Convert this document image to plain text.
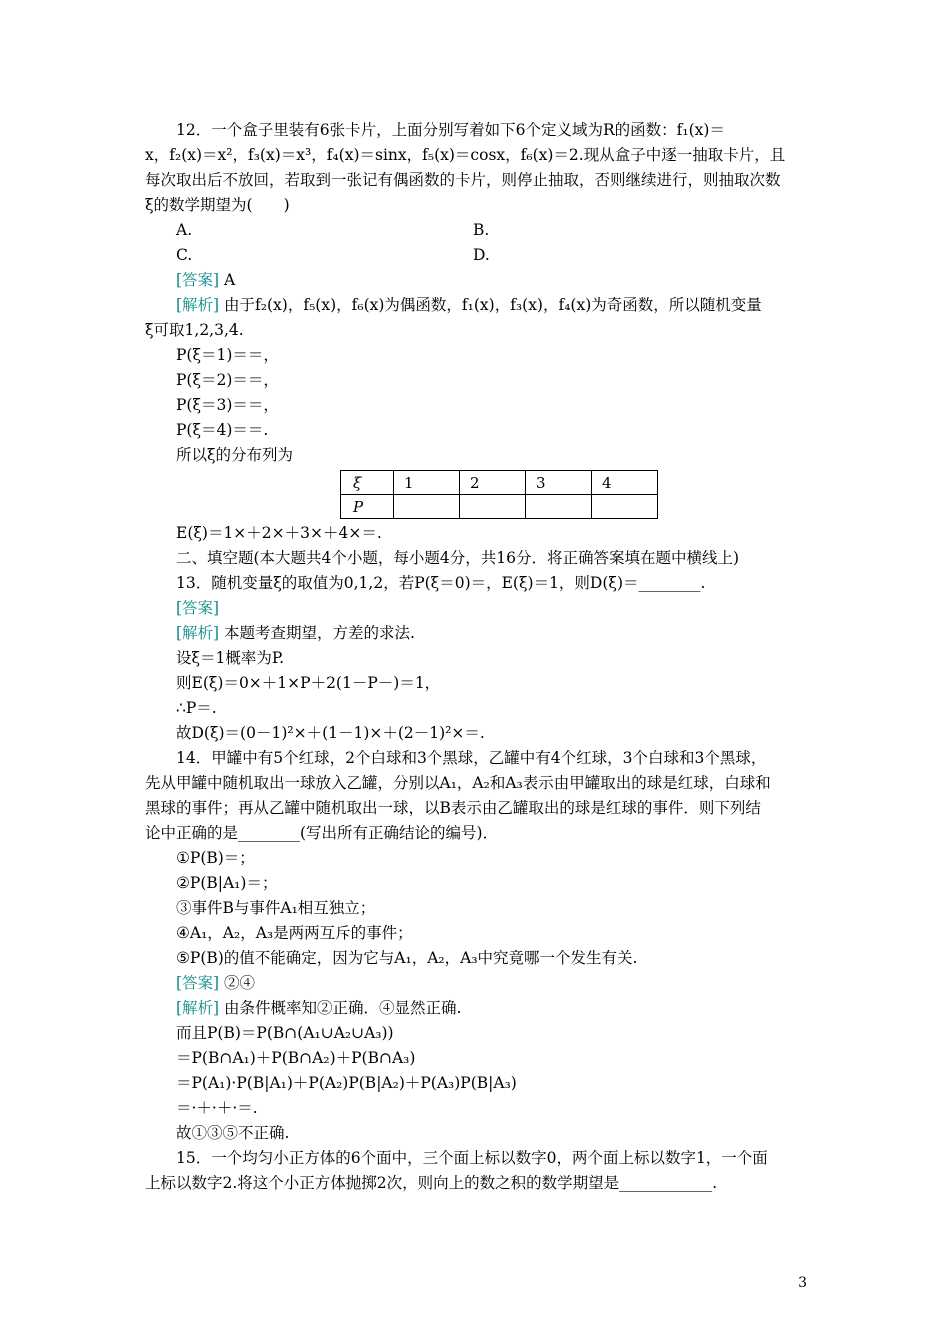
12．一个盒子里装有6张卡片，上面分别写着如下6个定义域为R的函数：f₁(x)＝
x，f₂(x)＝x²，f₃(x)＝x³，f₄(x)＝sinx，f₅(x)＝cosx，f₆(x)＝2.现从盒子中逐一抽取卡片，且
每次取出后不放回，若取到一张记有偶函数的卡片，则停止抽取，否则继续进行，则抽取次数
ξ的数学期望为(　　)
A.	B.
C.	D.
[答案] A
[解析] 由于f₂(x)，f₅(x)，f₆(x)为偶函数，f₁(x)，f₃(x)，f₄(x)为奇函数，所以随机变量
ξ可取1,2,3,4.
P(ξ＝1)＝＝，
P(ξ＝2)＝＝，
P(ξ＝3)＝＝，
P(ξ＝4)＝＝.
所以ξ的分布列为
ξ	1	2	3	4
P				
E(ξ)＝1×＋2×＋3×＋4×＝.
二、填空题(本大题共4个小题，每小题4分，共16分．将正确答案填在题中横线上)
13．随机变量ξ的取值为0,1,2，若P(ξ＝0)＝，E(ξ)＝1，则D(ξ)＝________.
[答案]
[解析] 本题考查期望，方差的求法.
设ξ＝1概率为P.
则E(ξ)＝0×＋1×P＋2(1－P－)＝1，
∴P＝.
故D(ξ)＝(0－1)²×＋(1－1)×＋(2－1)²×＝.
14．甲罐中有5个红球，2个白球和3个黑球，乙罐中有4个红球，3个白球和3个黑球，
先从甲罐中随机取出一球放入乙罐，分别以A₁，A₂和A₃表示由甲罐取出的球是红球，白球和
黑球的事件；再从乙罐中随机取出一球，以B表示由乙罐取出的球是红球的事件．则下列结
论中正确的是________(写出所有正确结论的编号)．
①P(B)＝；
②P(B|A₁)＝；
③事件B与事件A₁相互独立；
④A₁，A₂，A₃是两两互斥的事件；
⑤P(B)的值不能确定，因为它与A₁，A₂，A₃中究竟哪一个发生有关.
[答案] ②④
[解析] 由条件概率知②正确．④显然正确.
而且P(B)＝P(B∩(A₁∪A₂∪A₃))
＝P(B∩A₁)＋P(B∩A₂)＋P(B∩A₃)
＝P(A₁)·P(B|A₁)＋P(A₂)P(B|A₂)＋P(A₃)P(B|A₃)
＝·＋·＋·＝.
故①③⑤不正确.
15．一个均匀小正方体的6个面中，三个面上标以数字0，两个面上标以数字1，一个面
上标以数字2.将这个小正方体抛掷2次，则向上的数之积的数学期望是____________.
3
